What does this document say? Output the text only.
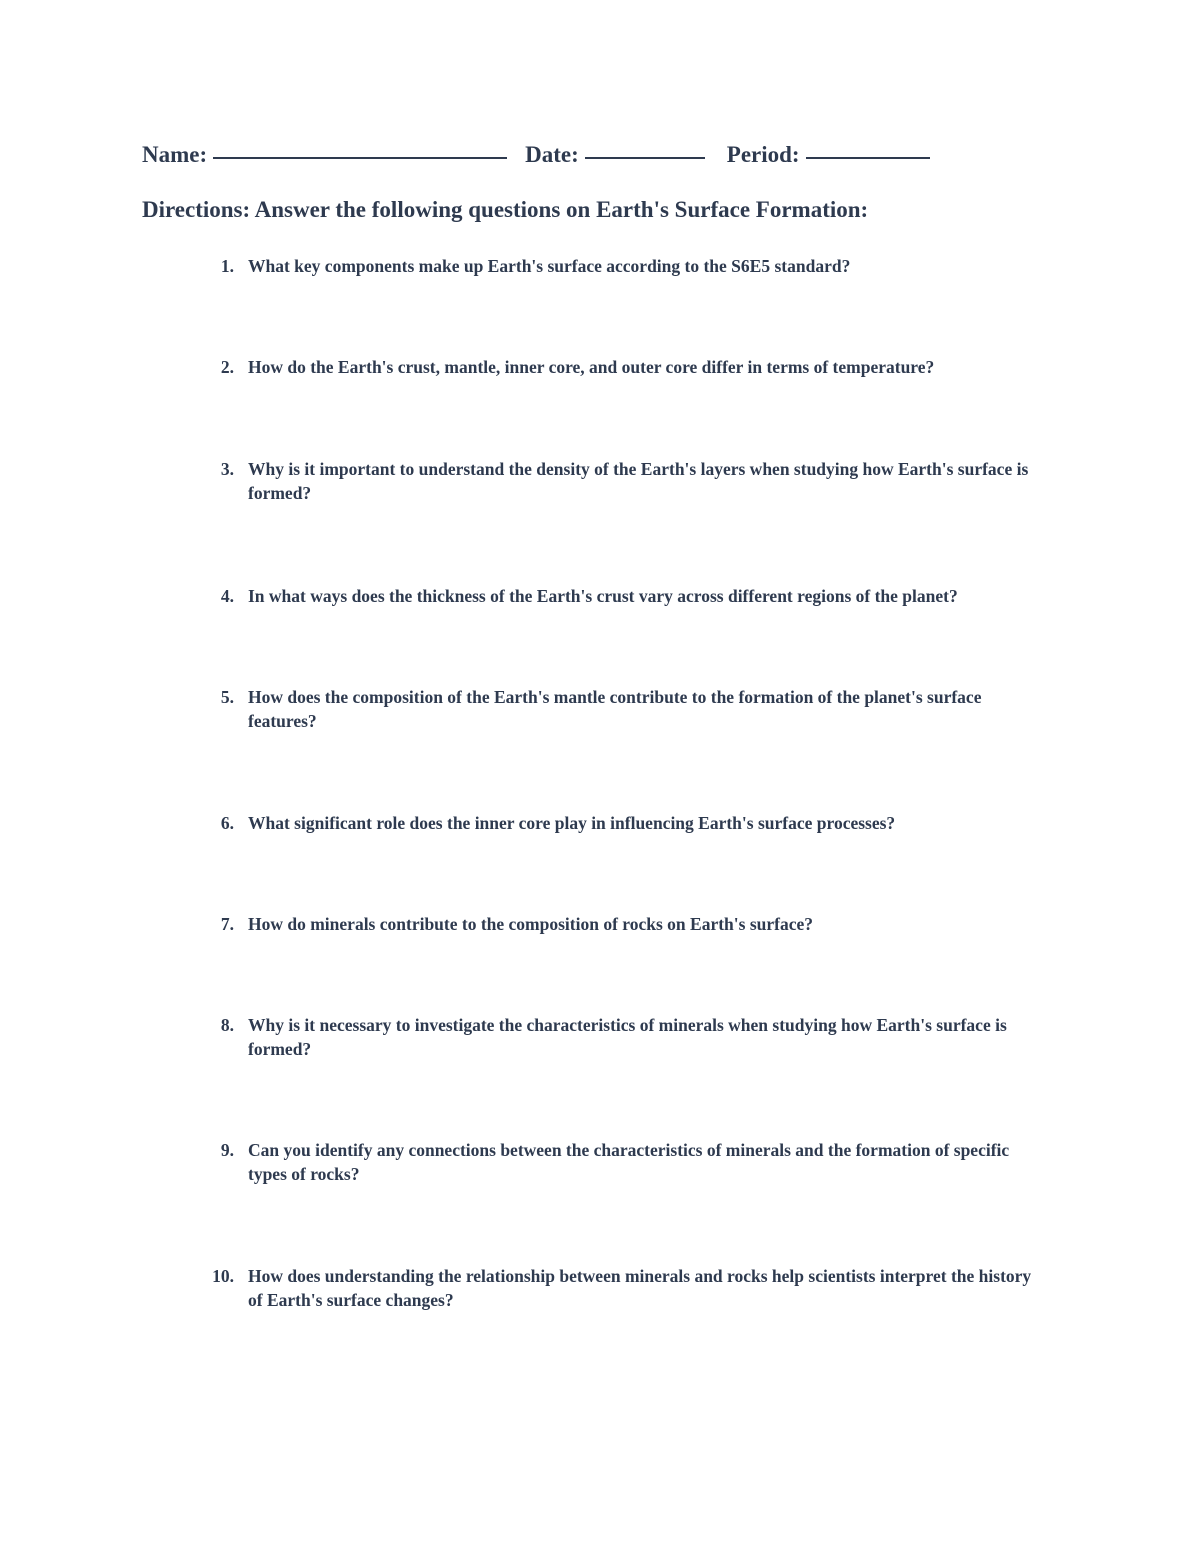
Name:	Date:	Period:
Directions: Answer the following questions on Earth's Surface Formation:
1. What key components make up Earth's surface according to the S6E5 standard?
2. How do the Earth's crust, mantle, inner core, and outer core differ in terms of temperature?
3. Why is it important to understand the density of the Earth's layers when studying how Earth's surface is formed?
4. In what ways does the thickness of the Earth's crust vary across different regions of the planet?
5. How does the composition of the Earth's mantle contribute to the formation of the planet's surface features?
6. What significant role does the inner core play in influencing Earth's surface processes?
7. How do minerals contribute to the composition of rocks on Earth's surface?
8. Why is it necessary to investigate the characteristics of minerals when studying how Earth's surface is formed?
9. Can you identify any connections between the characteristics of minerals and the formation of specific types of rocks?
10. How does understanding the relationship between minerals and rocks help scientists interpret the history of Earth's surface changes?
